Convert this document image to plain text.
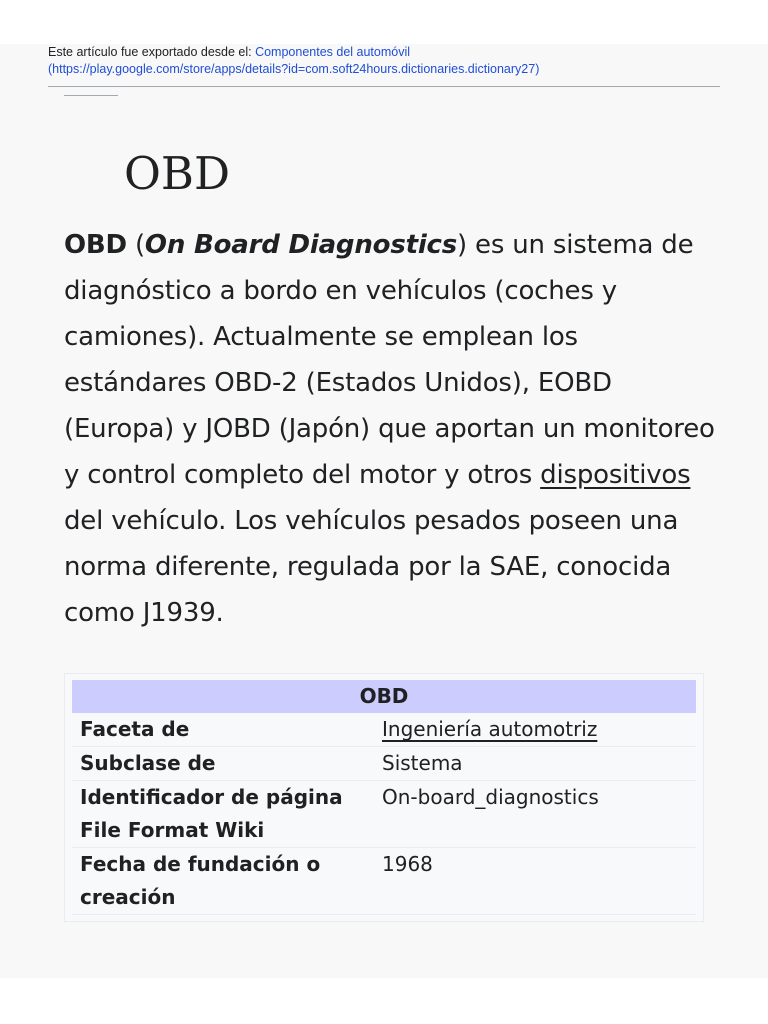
Este artículo fue exportado desde el: Componentes del automóvil
(https://play.google.com/store/apps/details?id=com.soft24hours.dictionaries.dictionary27)
OBD

OBD (On Board Diagnostics) es un sistema de diagnóstico a bordo en vehículos (coches y camiones). Actualmente se emplean los estándares OBD-2 (Estados Unidos), EOBD (Europa) y JOBD (Japón) que aportan un monitoreo y control completo del motor y otros dispositivos del vehículo. Los vehículos pesados poseen una norma diferente, regulada por la SAE, conocida como J1939.

OBD
Faceta de	Ingeniería automotriz
Subclase de	Sistema
Identificador de página File Format Wiki
On-board_diagnostics
Fecha de fundación o creación
1968
